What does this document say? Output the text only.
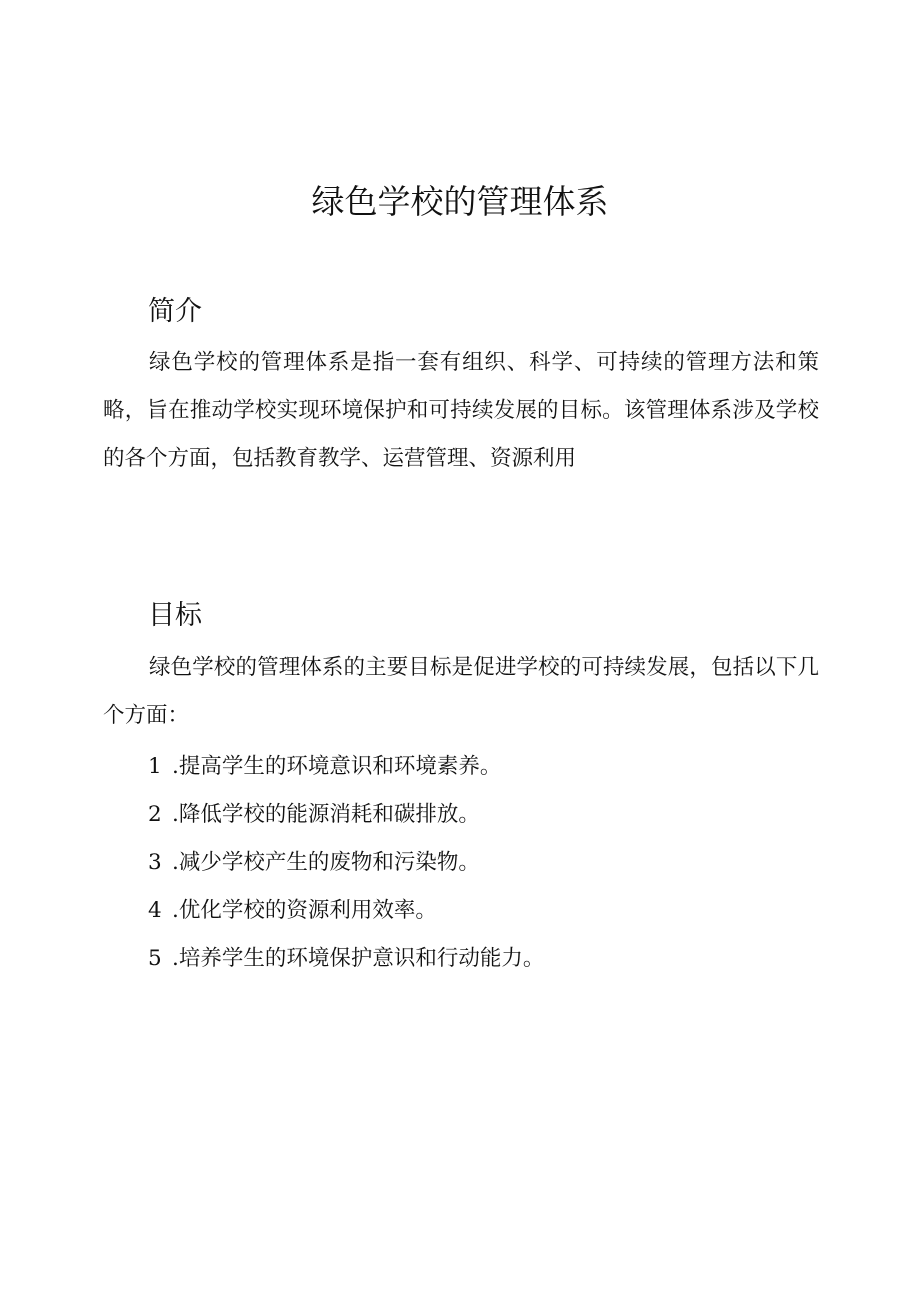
绿色学校的管理体系
简介

绿色学校的管理体系是指一套有组织、科学、可持续的管理方法和策略，旨在推动学校实现环境保护和可持续发展的目标。该管理体系涉及学校的各个方面，包括教育教学、运营管理、资源利用

目标

绿色学校的管理体系的主要目标是促进学校的可持续发展，包括以下几个方面：

1 .提高学生的环境意识和环境素养。
2 .降低学校的能源消耗和碳排放。
3 .减少学校产生的废物和污染物。
4 .优化学校的资源利用效率。
5 .培养学生的环境保护意识和行动能力。
